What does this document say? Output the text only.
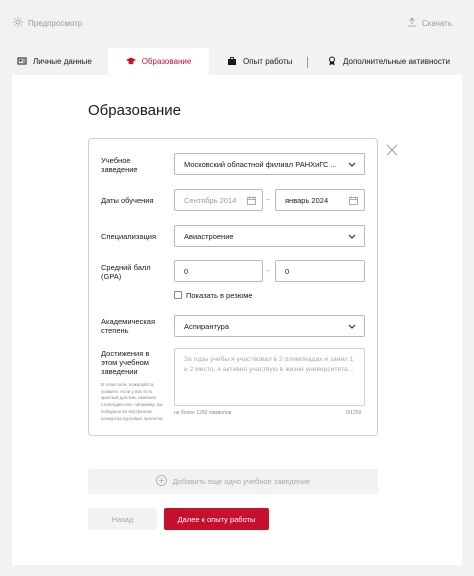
Предпросмотр	Скачать
Личные данные	Образование	Опыт работы	Дополнительные активности
Образование
Учебное заведение
Московский областной филиал РАНХиГС ...
Даты обучения	Сентябрь 2014	– январь 2024
Специализация	Авиастроение
Средний балл (GPA)
0	– 0
Показать в резюме
Академическая степень	Аспирантура
Достижения в этом учебном заведении
В этом поле, пожалуйста, укажите, если у вас есть красный диплом, именная стипендия или, например, вы победили во внутренних конкурсах курсовых проектов.
За годы учебы я участвовал в 2 олимпиадах и занял 1 и 2 место, я активно участвую в жизни университета...
не более 1250 символов	0/1250
Добавить еще одно учебное заведение
Назад	Далее к опыту работы
